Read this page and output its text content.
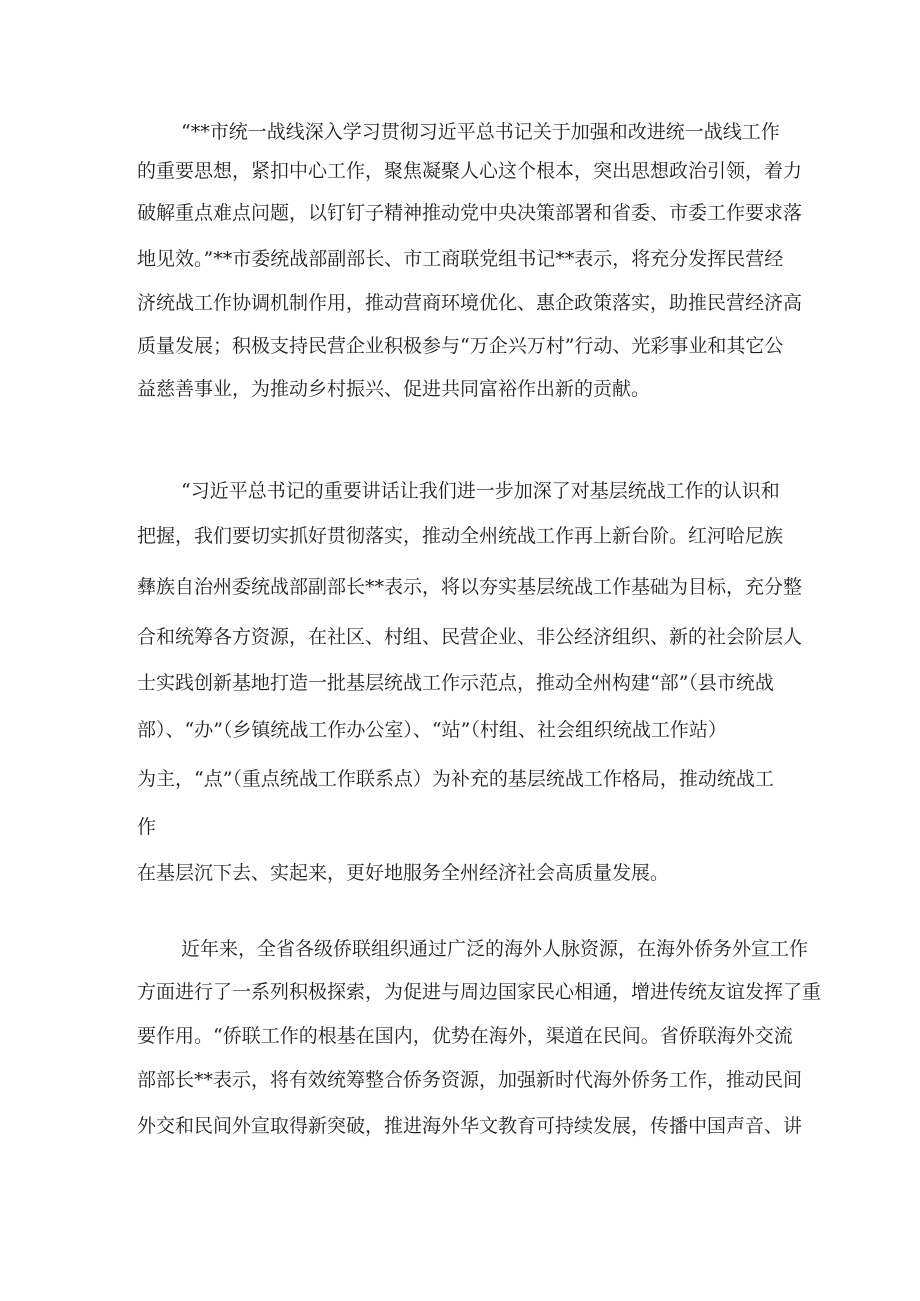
“**市统一战线深入学习贯彻习近平总书记关于加强和改进统一战线工作

的重要思想，紧扣中心工作，聚焦凝聚人心这个根本，突出思想政治引领，着力

破解重点难点问题，以钉钉子精神推动党中央决策部署和省委、市委工作要求落

地见效。”**市委统战部副部长、市工商联党组书记**表示，将充分发挥民营经

济统战工作协调机制作用，推动营商环境优化、惠企政策落实，助推民营经济高

质量发展；积极支持民营企业积极参与“万企兴万村”行动、光彩事业和其它公

益慈善事业，为推动乡村振兴、促进共同富裕作出新的贡献。

“习近平总书记的重要讲话让我们进一步加深了对基层统战工作的认识和

把握，我们要切实抓好贯彻落实，推动全州统战工作再上新台阶。红河哈尼族

彝族自治州委统战部副部长**表示，将以夯实基层统战工作基础为目标，充分整

合和统筹各方资源，在社区、村组、民营企业、非公经济组织、新的社会阶层人

士实践创新基地打造一批基层统战工作示范点，推动全州构建“部”（县市统战

部）、“办”（乡镇统战工作办公室）、“站”（村组、社会组织统战工作站）

为主，“点”（重点统战工作联系点）为补充的基层统战工作格局，推动统战工

作

在基层沉下去、实起来，更好地服务全州经济社会高质量发展。

近年来，全省各级侨联组织通过广泛的海外人脉资源，在海外侨务外宣工作

方面进行了一系列积极探索，为促进与周边国家民心相通，增进传统友谊发挥了重

要作用。“侨联工作的根基在国内，优势在海外，渠道在民间。省侨联海外交流

部部长**表示，将有效统筹整合侨务资源，加强新时代海外侨务工作，推动民间

外交和民间外宣取得新突破，推进海外华文教育可持续发展，传播中国声音、讲
